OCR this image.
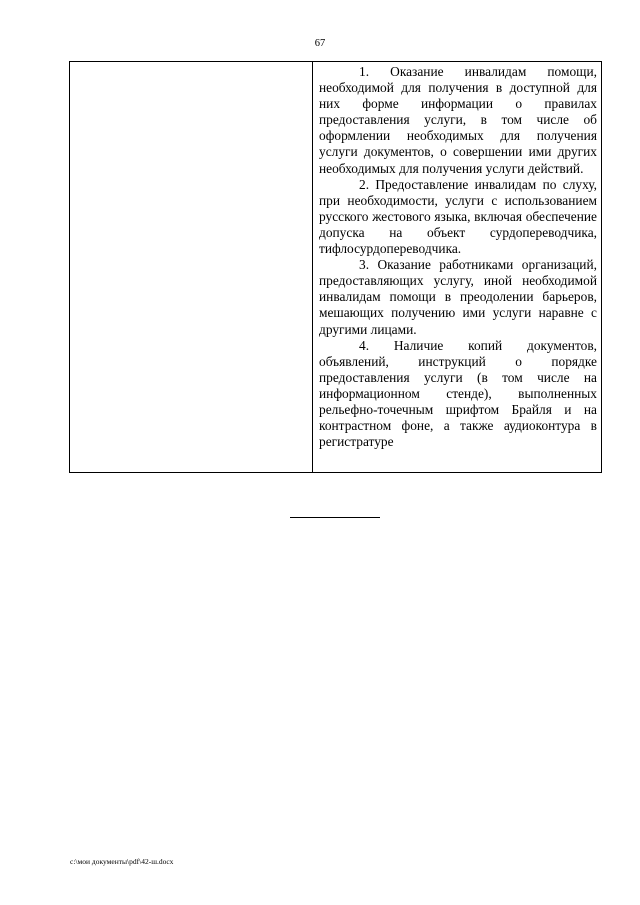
67

1. Оказание инвалидам помощи, необходимой для получения в доступной для них форме информации о правилах предоставления услуги, в том числе об оформлении необходимых для получения услуги документов, о совершении ими других необходимых для получения услуги действий.

2. Предоставление инвалидам по слуху, при необходимости, услуги с использованием русского жестового языка, включая обеспечение допуска на объект сурдопереводчика, тифлосурдопереводчика.

3. Оказание работниками организаций, предоставляющих услугу, иной необходимой инвалидам помощи в преодолении барьеров, мешающих получению ими услуги наравне с другими лицами.

4. Наличие копий документов, объявлений, инструкций о порядке предоставления услуги (в том числе на информационном стенде), выполненных рельефно-точечным шрифтом Брайля и на контрастном фоне, а также аудиоконтура в регистратуре

c:\мои документы\pdf\42-ш.docx
